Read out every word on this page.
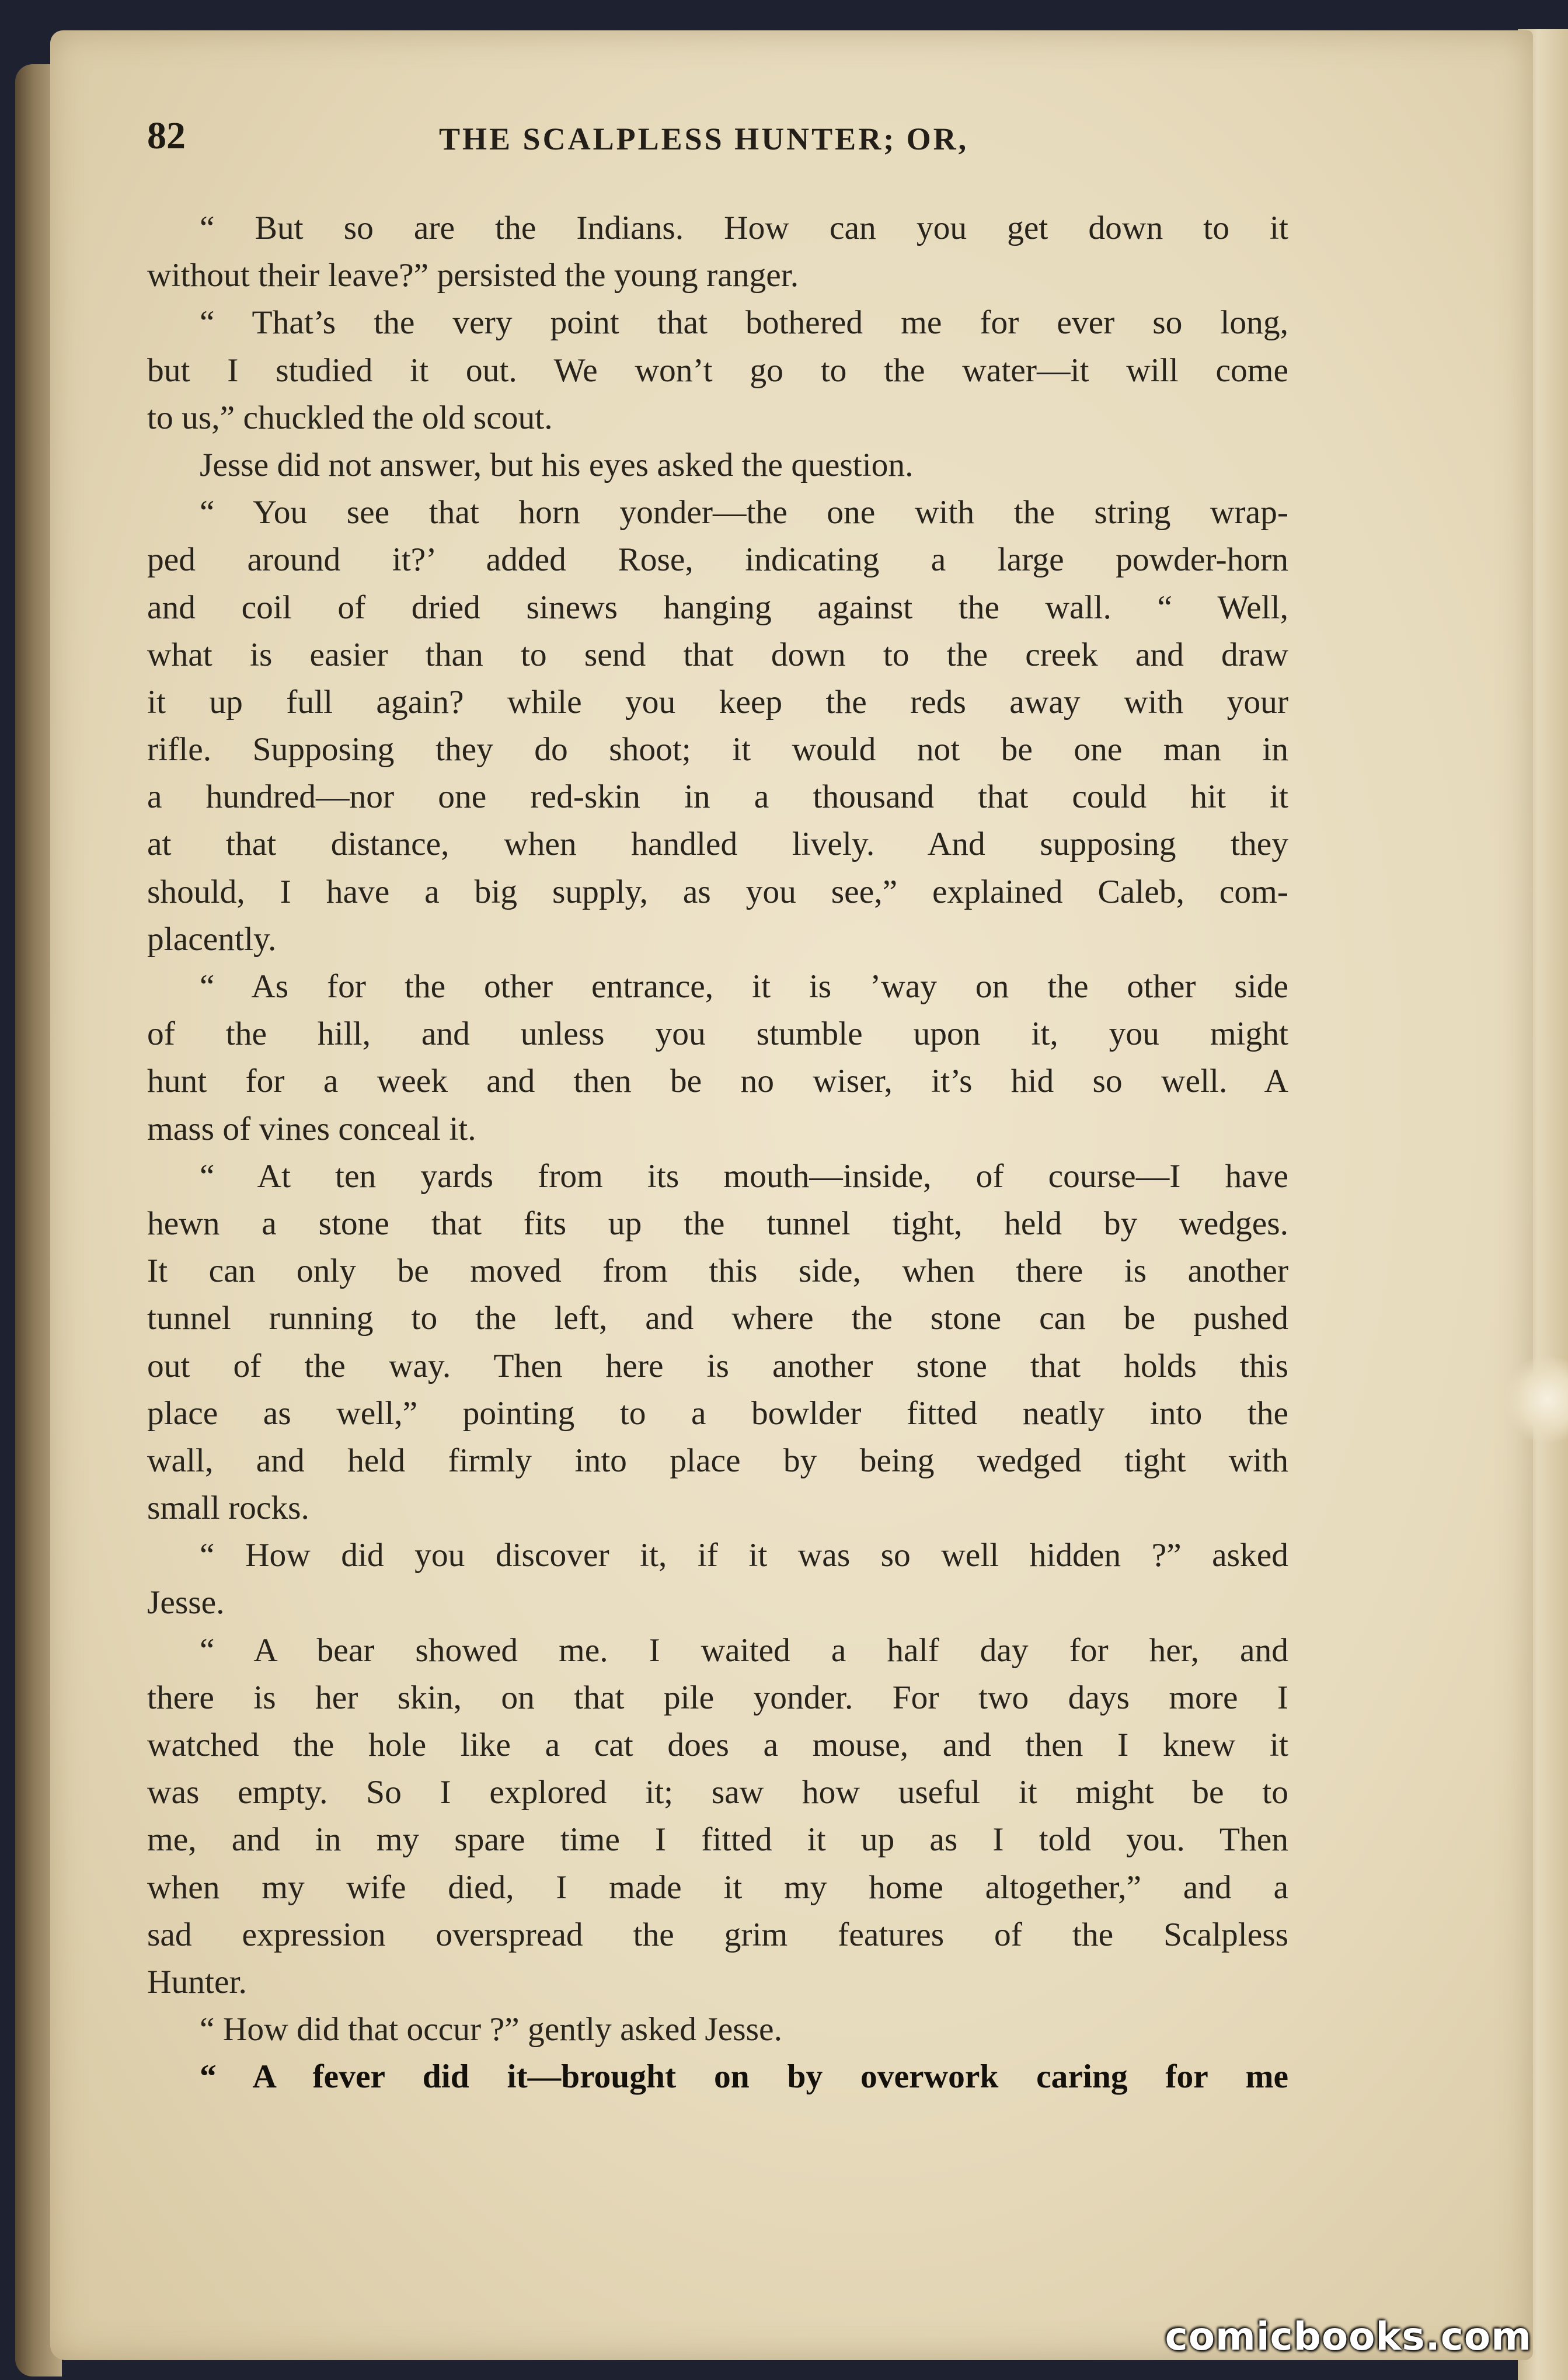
82	THE SCALPLESS HUNTER; OR,
“ But so are the Indians. How can you get down to it
without their leave?” persisted the young ranger.
“ That’s the very point that bothered me for ever so long,
but I studied it out. We won’t go to the water—it will come
to us,” chuckled the old scout.
Jesse did not answer, but his eyes asked the question.
“ You see that horn yonder—the one with the string wrap-
ped around it?’ added Rose, indicating a large powder-horn
and coil of dried sinews hanging against the wall. “ Well,
what is easier than to send that down to the creek and draw
it up full again? while you keep the reds away with your
rifle. Supposing they do shoot; it would not be one man in
a hundred—nor one red-skin in a thousand that could hit it
at that distance, when handled lively. And supposing they
should, I have a big supply, as you see,” explained Caleb, com-
placently.
“ As for the other entrance, it is ’way on the other side
of the hill, and unless you stumble upon it, you might
hunt for a week and then be no wiser, it’s hid so well. A
mass of vines conceal it.
“ At ten yards from its mouth—inside, of course—I have
hewn a stone that fits up the tunnel tight, held by wedges.
It can only be moved from this side, when there is another
tunnel running to the left, and where the stone can be pushed
out of the way. Then here is another stone that holds this
place as well,” pointing to a bowlder fitted neatly into the
wall, and held firmly into place by being wedged tight with
small rocks.
“ How did you discover it, if it was so well hidden ?” asked
Jesse.
“ A bear showed me. I waited a half day for her, and
there is her skin, on that pile yonder. For two days more I
watched the hole like a cat does a mouse, and then I knew it
was empty. So I explored it; saw how useful it might be to
me, and in my spare time I fitted it up as I told you. Then
when my wife died, I made it my home altogether,” and a
sad expression overspread the grim features of the Scalpless
Hunter.
“ How did that occur ?” gently asked Jesse.
“ A fever did it—brought on by overwork caring for me
comicbooks.com
